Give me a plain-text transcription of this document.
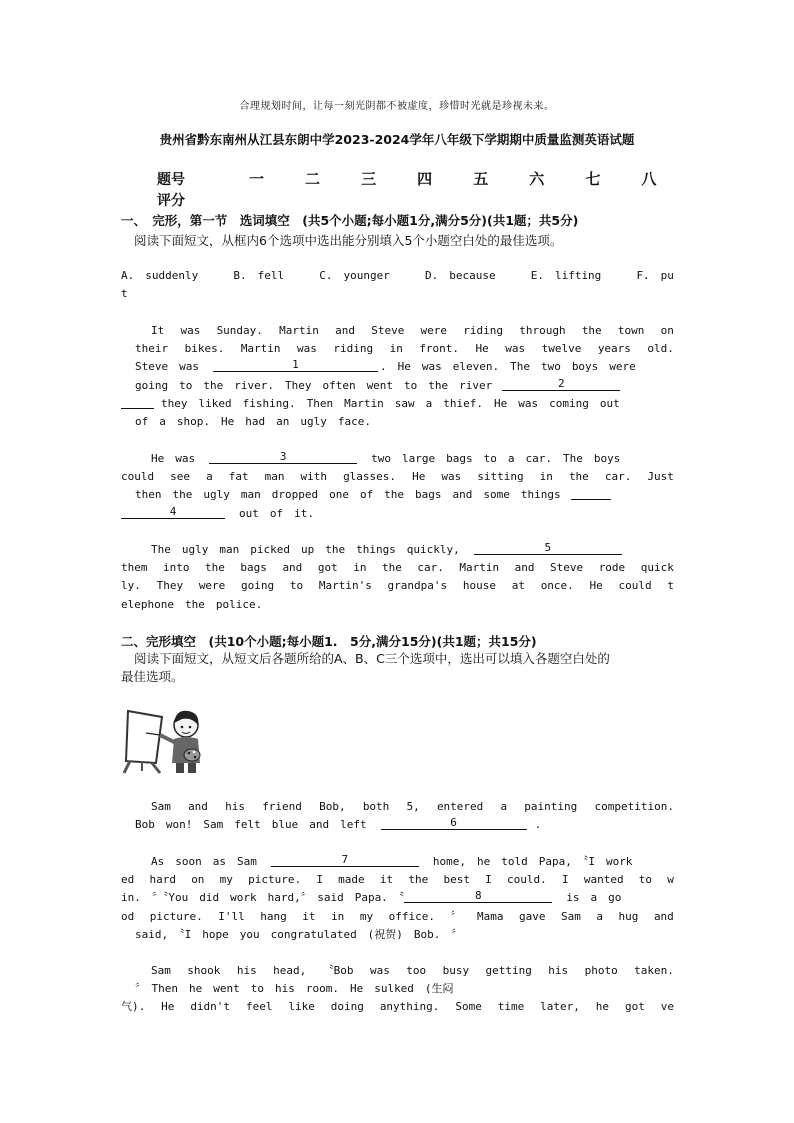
合理规划时间，让每一刻光阴都不被虚度，珍惜时光就是珍视未来。
贵州省黔东南州从江县东朗中学2023-2024学年八年级下学期期中质量监测英语试题
题号	一	二	三	四	五	六	七	八
评分
一、　完形，第一节　选词填空　(共5个小题;每小题1分,满分5分)(共1题；共5分)
阅读下面短文，从框内6个选项中选出能分别填入5个小题空白处的最佳选项。
A.　suddenly	B.　fell	C.　younger	D.　because	E.　lifting	F.　pu
t
It was Sunday. Martin and Steve were riding through the town on
their bikes. Martin was riding in front. He was twelve years old.
Steve　was	1	.　He　was　eleven.　The　two　boys　were
going　to　the　river.　They　often　went　to　the　river	2
they　liked　fishing.　Then　Martin　saw　a　thief.　He　was　coming　out
of　a　shop.　He　had　an　ugly　face.
He　was	3	two　large　bags　to　a　car.　The　boys
could see a fat man with glasses. He was sitting in the car. Just
then　the　ugly　man　dropped　one　of　the　bags　and　some　things
4	out　of　it.
The　ugly　man　picked　up　the　things　quickly,	5
them into the bags and got in the car. Martin and Steve rode quick
ly. They were going to Martin's grandpa's house at once. He could t
elephone　the　police.
二、完形填空　(共10个小题;每小题1.　5分,满分15分)(共1题；共15分)
阅读下面短文，从短文后各题所给的A、B、C三个选项中，选出可以填入各题空白处的
最佳选项。
Sam and his friend Bob, both 5, entered a painting competition.
Bob　won!　Sam　felt　blue　and　left	6	.
As　soon　as　Sam	7	home,　he　told　Papa,　〝I　work
ed hard on my picture. I made it the best I could. I wanted to w
in.　〞〝You　did　work　hard,〞　said　Papa.　〝	8	is　a　go
od picture. I'll hang it in my office. 〞 Mama gave Sam a hug and
said,　〝I　hope　you　congratulated　(祝贺)　Bob.　〞
Sam shook his head, 〝Bob was too busy getting his photo taken.
〞　Then　he　went　to　his　room.　He　sulked　(生闷
气). He didn't feel like doing anything. Some time later, he got ve
